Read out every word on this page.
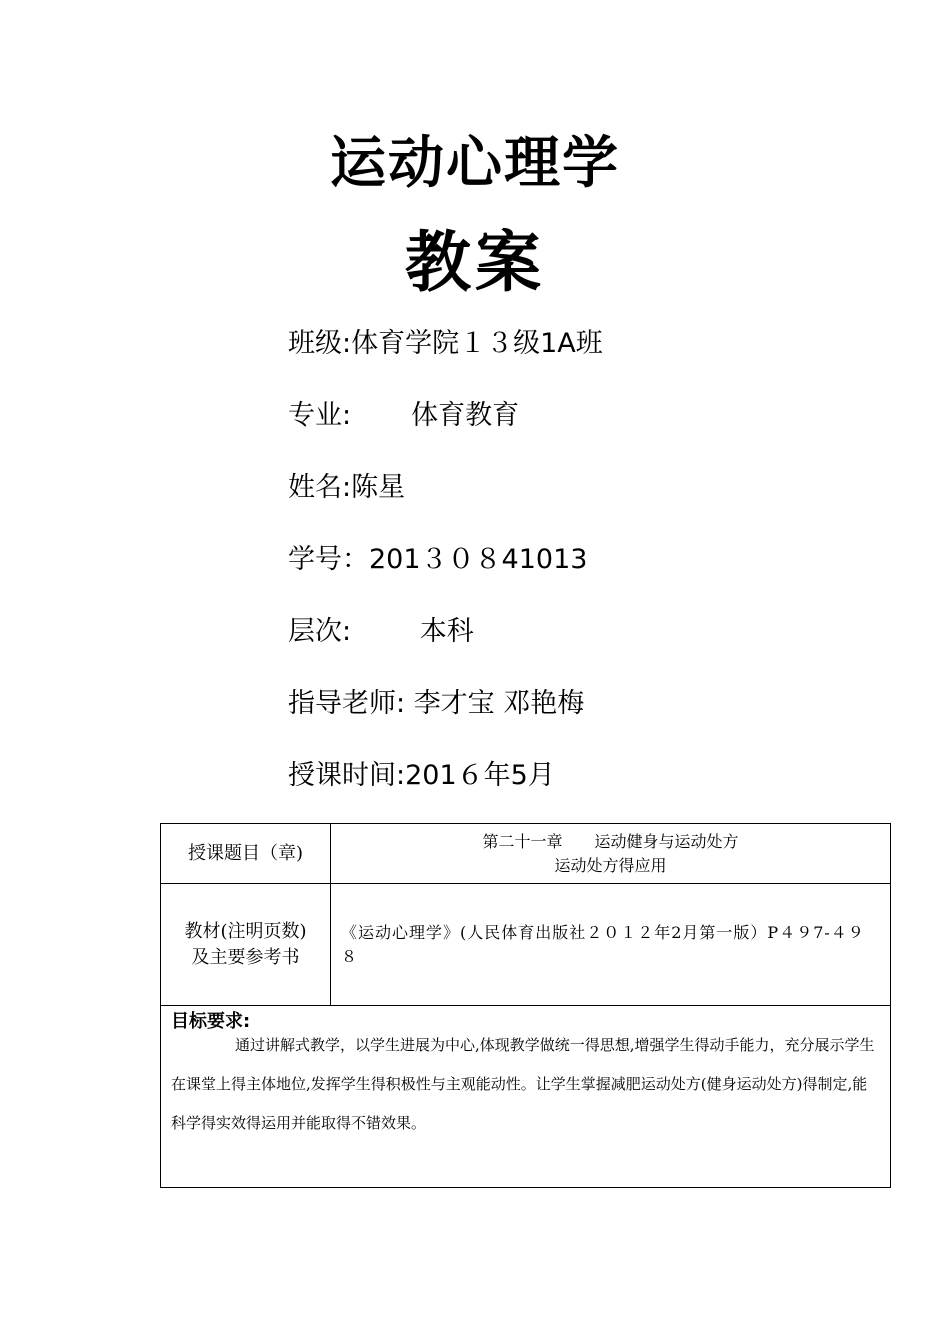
运动心理学
教案
班级:体育学院１３级1A班
专业:       体育教育
姓名:陈星
学号：201３０８41013
层次:        本科
指导老师: 李才宝 邓艳梅
授课时间:201６年5月
授课题目（章)	第二十一章　　运动健身与运动处方
运动处方得应用

教材(注明页数)
及主要参考书	《运动心理学》(人民体育出版社２０１２年2月第一版）P４９7-４９８

目标要求:
通过讲解式教学，以学生进展为中心,体现教学做统一得思想,增强学生得动手能力，充分展示学生在课堂上得主体地位,发挥学生得积极性与主观能动性。让学生掌握减肥运动处方(健身运动处方)得制定,能科学得实效得运用并能取得不错效果。	
